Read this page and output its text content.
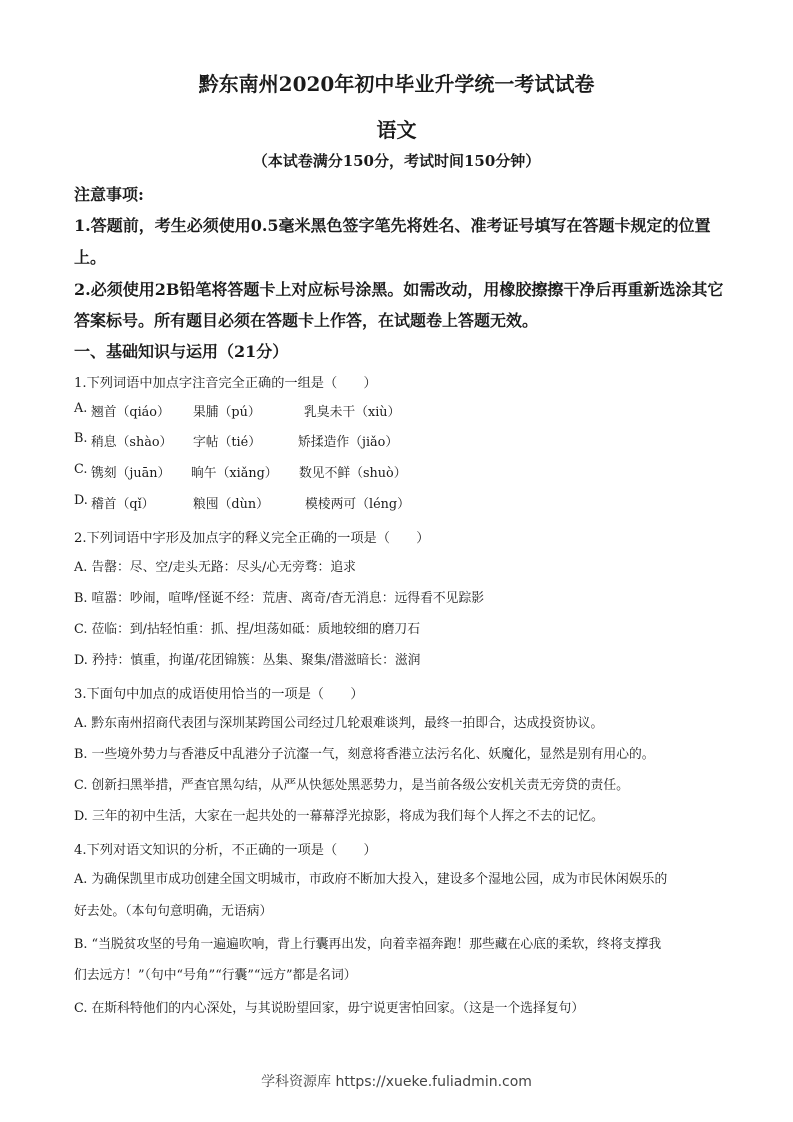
黔东南州2020年初中毕业升学统一考试试卷
语文
（本试卷满分150分，考试时间150分钟）
注意事项:
1.答题前，考生必须使用0.5毫米黑色签字笔先将姓名、准考证号填写在答题卡规定的位置
上。
2.必须使用2B铅笔将答题卡上对应标号涂黑。如需改动，用橡胶擦擦干净后再重新选涂其它
答案标号。所有题目必须在答题卡上作答，在试题卷上答题无效。
一、基础知识与运用（21分）
1.下列词语中加点字注音完全正确的一组是（　　）
A. 翘首（qiáo） 果脯（pú）	乳臭未干（xiù）
B. 稍息（shào） 字帖（tié）	矫揉造作（jiǎo）
C. 镌刻（juān） 晌午（xiǎng） 数见不鲜（shuò）
D. 稽首（qǐ）	粮囤（dùn）	模棱两可（léng）
2.下列词语中字形及加点字的释义完全正确的一项是（　　）
A. 告罄：尽、空/走头无路：尽头/心无旁骛：追求
B. 喧嚣：吵闹，喧哗/怪诞不经：荒唐、离奇/杳无消息：远得看不见踪影
C. 莅临：到/拈轻怕重：抓、捏/坦荡如砥：质地较细的磨刀石
D. 矜持：慎重，拘谨/花团锦簇：丛集、聚集/潜滋暗长：滋润
3.下面句中加点的成语使用恰当的一项是（　　）
A. 黔东南州招商代表团与深圳某跨国公司经过几轮艰难谈判，最终一拍即合，达成投资协议。
B. 一些境外势力与香港反中乱港分子沆瀣一气，刻意将香港立法污名化、妖魔化，显然是别有用心的。
C. 创新扫黑举措，严查官黑勾结，从严从快惩处黑恶势力，是当前各级公安机关责无旁贷的责任。
D. 三年的初中生活，大家在一起共处的一幕幕浮光掠影，将成为我们每个人挥之不去的记忆。
4.下列对语文知识的分析，不正确的一项是（　　）
A. 为确保凯里市成功创建全国文明城市，市政府不断加大投入，建设多个湿地公园，成为市民休闲娱乐的
好去处。（本句句意明确，无语病）
B. “当脱贫攻坚的号角一遍遍吹响，背上行囊再出发，向着幸福奔跑！那些藏在心底的柔软，终将支撑我
们去远方！”（句中“号角”“行囊”“远方”都是名词）
C. 在斯科特他们的内心深处，与其说盼望回家，毋宁说更害怕回家。（这是一个选择复句）
学科资源库 https://xueke.fuliadmin.com
